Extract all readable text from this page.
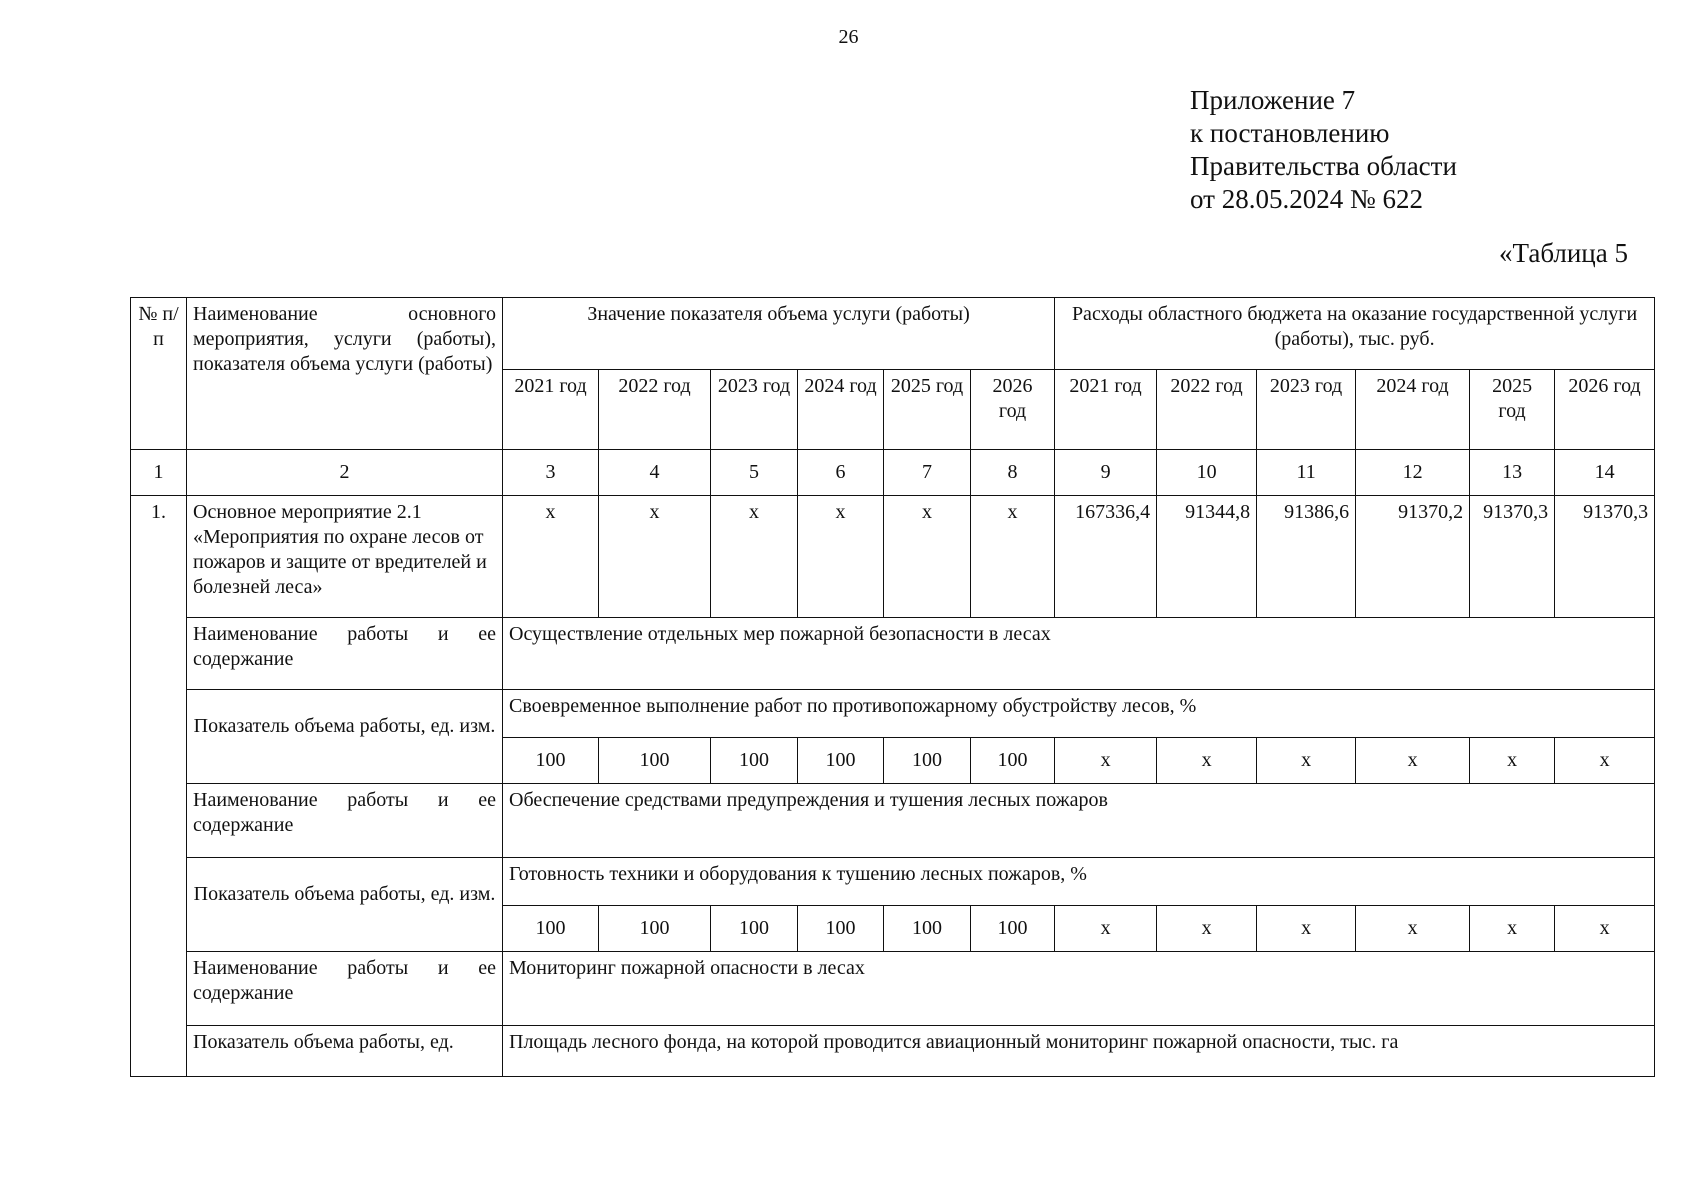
26
Приложение 7
к постановлению
Правительства области
от 28.05.2024 № 622
«Таблица 5
№ п/п	Наименование основного мероприятия, услуги (работы), показателя объема услуги (работы)	Значение показателя объема услуги (работы)						Расходы областного бюджета на оказание государственной услуги (работы), тыс. руб.					
		2021 год	2022 год	2023 год	2024 год	2025 год	2026 год	2021 год	2022 год	2023 год	2024 год	2025 год	2026 год
1	2	3	4	5	6	7	8	9	10	11	12	13	14
1.	Основное мероприятие 2.1 «Мероприятия по охране лесов от пожаров и защите от вредителей и болезней леса»	x	x	x	x	x	x	167336,4	91344,8	91386,6	91370,2	91370,3	91370,3
	Наименование работы и ее содержание	Осуществление отдельных мер пожарной безопасности в лесах											
	Показатель объема работы, ед. изм.	Своевременное выполнение работ по противопожарному обустройству лесов, %											
		100	100	100	100	100	100	x	x	x	x	x	x
	Наименование работы и ее содержание	Обеспечение средствами предупреждения и тушения лесных пожаров											
	Показатель объема работы, ед. изм.	Готовность техники и оборудования к тушению лесных пожаров, %											
		100	100	100	100	100	100	x	x	x	x	x	x
	Наименование работы и ее содержание	Мониторинг пожарной опасности в лесах											
	Показатель объема работы, ед.	Площадь лесного фонда, на которой проводится авиационный мониторинг пожарной опасности, тыс. га											
